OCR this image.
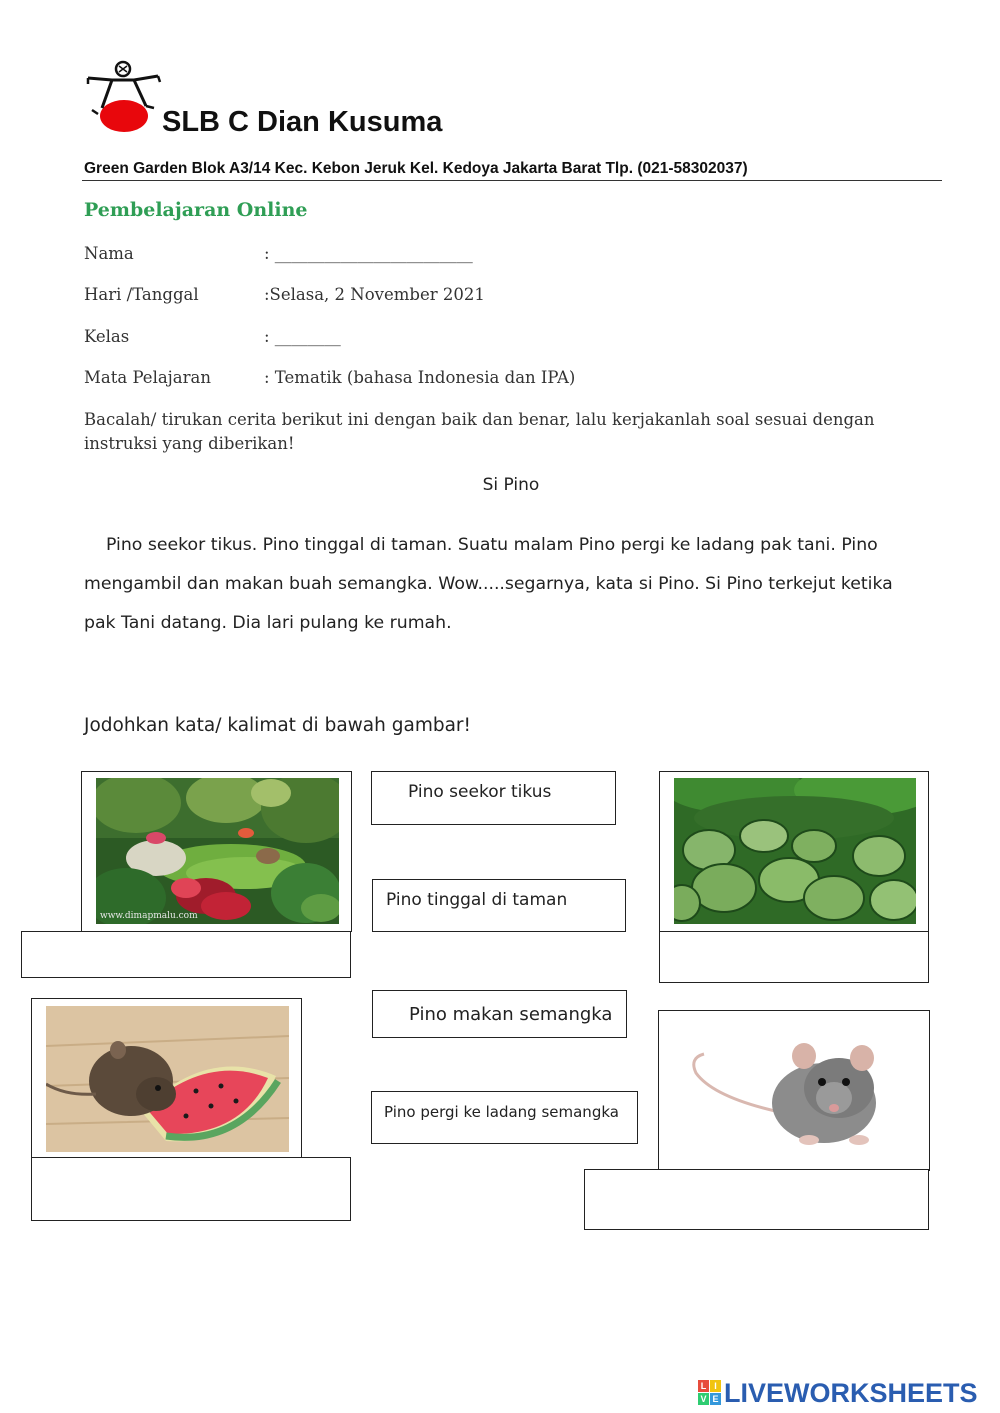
SLB C Dian Kusuma
Green Garden Blok A3/14 Kec. Kebon Jeruk Kel. Kedoya Jakarta Barat Tlp. (021-58302037)
Pembelajaran Online
Nama	: ________________________
Hari /Tanggal	:Selasa, 2 November 2021
Kelas	: ________
Mata Pelajaran	: Tematik (bahasa Indonesia dan IPA)
Bacalah/ tirukan cerita berikut ini dengan baik dan benar, lalu kerjakanlah soal sesuai dengan instruksi yang diberikan!
Si Pino
Pino seekor tikus. Pino tinggal di taman. Suatu malam Pino pergi ke ladang pak tani. Pino mengambil dan makan buah semangka. Wow.....segarnya, kata si Pino. Si Pino terkejut ketika pak Tani datang. Dia lari pulang ke rumah.
Jodohkan kata/ kalimat di bawah gambar!
www.dimapmalu.com
Pino seekor tikus
Pino tinggal di taman
Pino makan semangka
Pino pergi ke ladang semangka
L I
V E LIVEWORKSHEETS
